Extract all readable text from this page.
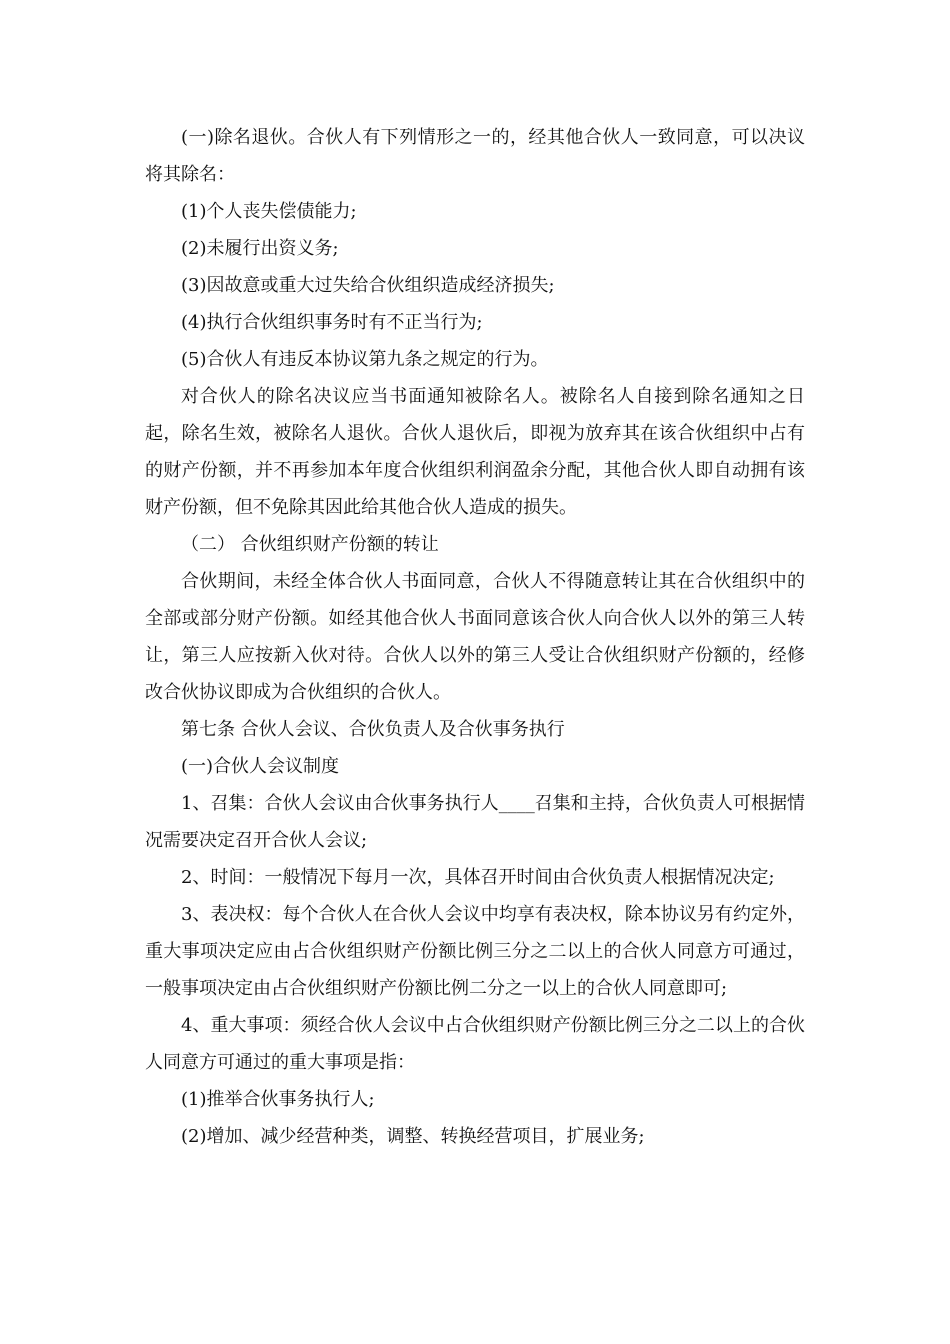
(一)除名退伙。合伙人有下列情形之一的，经其他合伙人一致同意，可以决议将其除名：

(1)个人丧失偿债能力;

(2)未履行出资义务;

(3)因故意或重大过失给合伙组织造成经济损失;

(4)执行合伙组织事务时有不正当行为;

(5)合伙人有违反本协议第九条之规定的行为。

对合伙人的除名决议应当书面通知被除名人。被除名人自接到除名通知之日起，除名生效，被除名人退伙。合伙人退伙后，即视为放弃其在该合伙组织中占有的财产份额，并不再参加本年度合伙组织利润盈余分配，其他合伙人即自动拥有该财产份额，但不免除其因此给其他合伙人造成的损失。

（二） 合伙组织财产份额的转让

合伙期间，未经全体合伙人书面同意，合伙人不得随意转让其在合伙组织中的全部或部分财产份额。如经其他合伙人书面同意该合伙人向合伙人以外的第三人转让，第三人应按新入伙对待。合伙人以外的第三人受让合伙组织财产份额的，经修改合伙协议即成为合伙组织的合伙人。

第七条 合伙人会议、合伙负责人及合伙事务执行

(一)合伙人会议制度

1、召集：合伙人会议由合伙事务执行人____召集和主持，合伙负责人可根据情况需要决定召开合伙人会议;

2、时间：一般情况下每月一次，具体召开时间由合伙负责人根据情况决定;

3、表决权：每个合伙人在合伙人会议中均享有表决权，除本协议另有约定外，重大事项决定应由占合伙组织财产份额比例三分之二以上的合伙人同意方可通过，一般事项决定由占合伙组织财产份额比例二分之一以上的合伙人同意即可;

4、重大事项：须经合伙人会议中占合伙组织财产份额比例三分之二以上的合伙人同意方可通过的重大事项是指：

(1)推举合伙事务执行人;

(2)增加、减少经营种类，调整、转换经营项目，扩展业务;
